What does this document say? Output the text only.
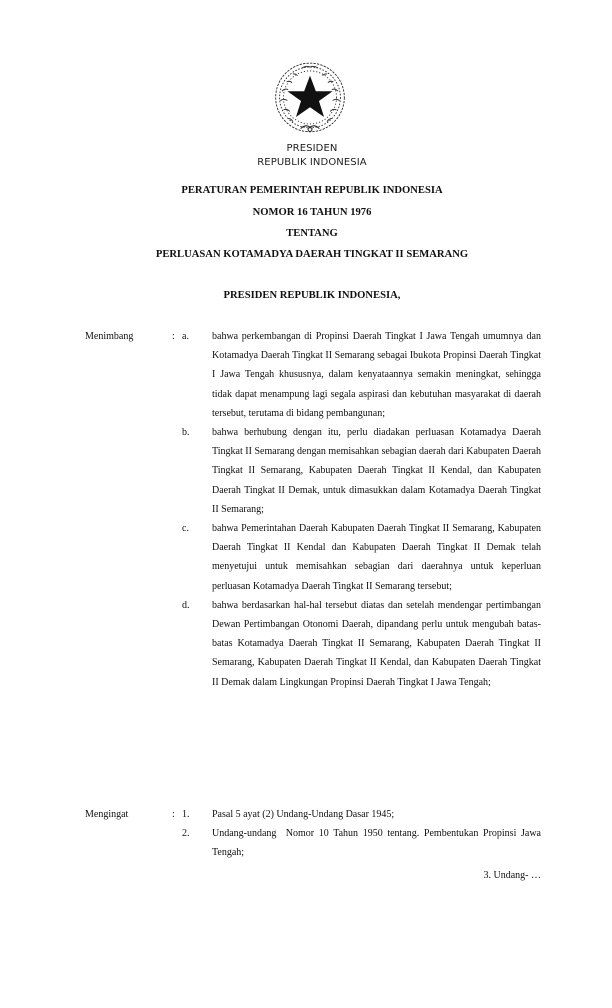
PRESIDEN
REPUBLIK INDONESIA
PERATURAN PEMERINTAH REPUBLIK INDONESIA
NOMOR 16 TAHUN 1976
TENTANG
PERLUASAN KOTAMADYA DAERAH TINGKAT II SEMARANG
PRESIDEN REPUBLIK INDONESIA,
Menimbang	: a. bahwa perkembangan di Propinsi Daerah Tingkat I Jawa Tengah umumnya dan Kotamadya Daerah Tingkat II Semarang sebagai Ibukota Propinsi Daerah Tingkat I Jawa Tengah khususnya, dalam kenyataannya semakin meningkat, sehingga tidak dapat menampung lagi segala aspirasi dan kebutuhan masyarakat di daerah tersebut, terutama di bidang pembangunan;
b. bahwa berhubung dengan itu, perlu diadakan perluasan Kotamadya Daerah Tingkat II Semarang dengan memisahkan sebagian daerah dari Kabupaten Daerah Tingkat II Semarang, Kabupaten Daerah Tingkat II Kendal, dan Kabupaten Daerah Tingkat II Demak, untuk dimasukkan dalam Kotamadya Daerah Tingkat II Semarang;
c. bahwa Pemerintahan Daerah Kabupaten Daerah Tingkat II Semarang, Kabupaten Daerah Tingkat II Kendal dan Kabupaten Daerah Tingkat II Demak telah menyetujui untuk memisahkan sebagian dari daerahnya untuk keperluan perluasan Kotamadya Daerah Tingkat II Semarang tersebut;
d. bahwa berdasarkan hal-hal tersebut diatas dan setelah mendengar pertimbangan Dewan Pertimbangan Otonomi Daerah, dipandang perlu untuk mengubah batas-batas Kotamadya Daerah Tingkat II Semarang, Kabupaten Daerah Tingkat II Semarang, Kabupaten Daerah Tingkat II Kendal, dan Kabupaten Daerah Tingkat II Demak dalam Lingkungan Propinsi Daerah Tingkat I Jawa Tengah;
Mengingat	: 1. Pasal 5 ayat (2) Undang-Undang Dasar 1945;
2. Undang-undang  Nomor 10 Tahun 1950 tentang. Pembentukan Propinsi Jawa Tengah;
3. Undang- …
